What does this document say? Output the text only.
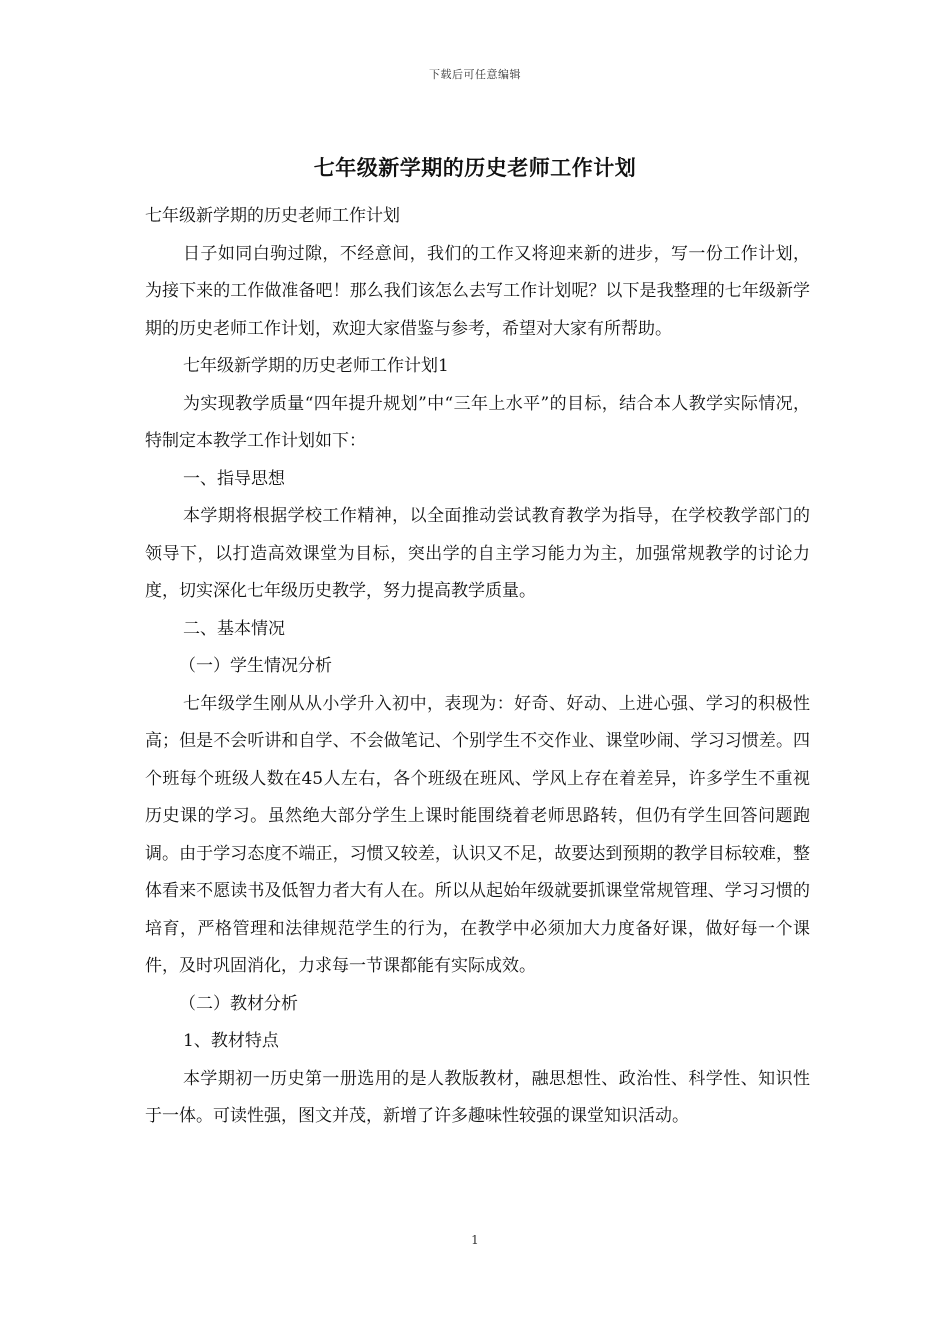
下载后可任意编辑
七年级新学期的历史老师工作计划

七年级新学期的历史老师工作计划

日子如同白驹过隙，不经意间，我们的工作又将迎来新的进步，写一份工作计划，为接下来的工作做准备吧！那么我们该怎么去写工作计划呢？以下是我整理的七年级新学期的历史老师工作计划，欢迎大家借鉴与参考，希望对大家有所帮助。

七年级新学期的历史老师工作计划1

为实现教学质量“四年提升规划”中“三年上水平”的目标，结合本人教学实际情况，特制定本教学工作计划如下：

一、指导思想

本学期将根据学校工作精神，以全面推动尝试教育教学为指导，在学校教学部门的领导下，以打造高效课堂为目标，突出学的自主学习能力为主，加强常规教学的讨论力度，切实深化七年级历史教学，努力提高教学质量。

二、基本情况

（一）学生情况分析

七年级学生刚从从小学升入初中，表现为：好奇、好动、上进心强、学习的积极性高；但是不会听讲和自学、不会做笔记、个别学生不交作业、课堂吵闹、学习习惯差。四个班每个班级人数在45人左右，各个班级在班风、学风上存在着差异，许多学生不重视历史课的学习。虽然绝大部分学生上课时能围绕着老师思路转，但仍有学生回答问题跑调。由于学习态度不端正，习惯又较差，认识又不足，故要达到预期的教学目标较难，整体看来不愿读书及低智力者大有人在。所以从起始年级就要抓课堂常规管理、学习习惯的培育，严格管理和法律规范学生的行为，在教学中必须加大力度备好课，做好每一个课件，及时巩固消化，力求每一节课都能有实际成效。

（二）教材分析

1、教材特点

本学期初一历史第一册选用的是人教版教材，融思想性、政治性、科学性、知识性于一体。可读性强，图文并茂，新增了许多趣味性较强的课堂知识活动。

1
